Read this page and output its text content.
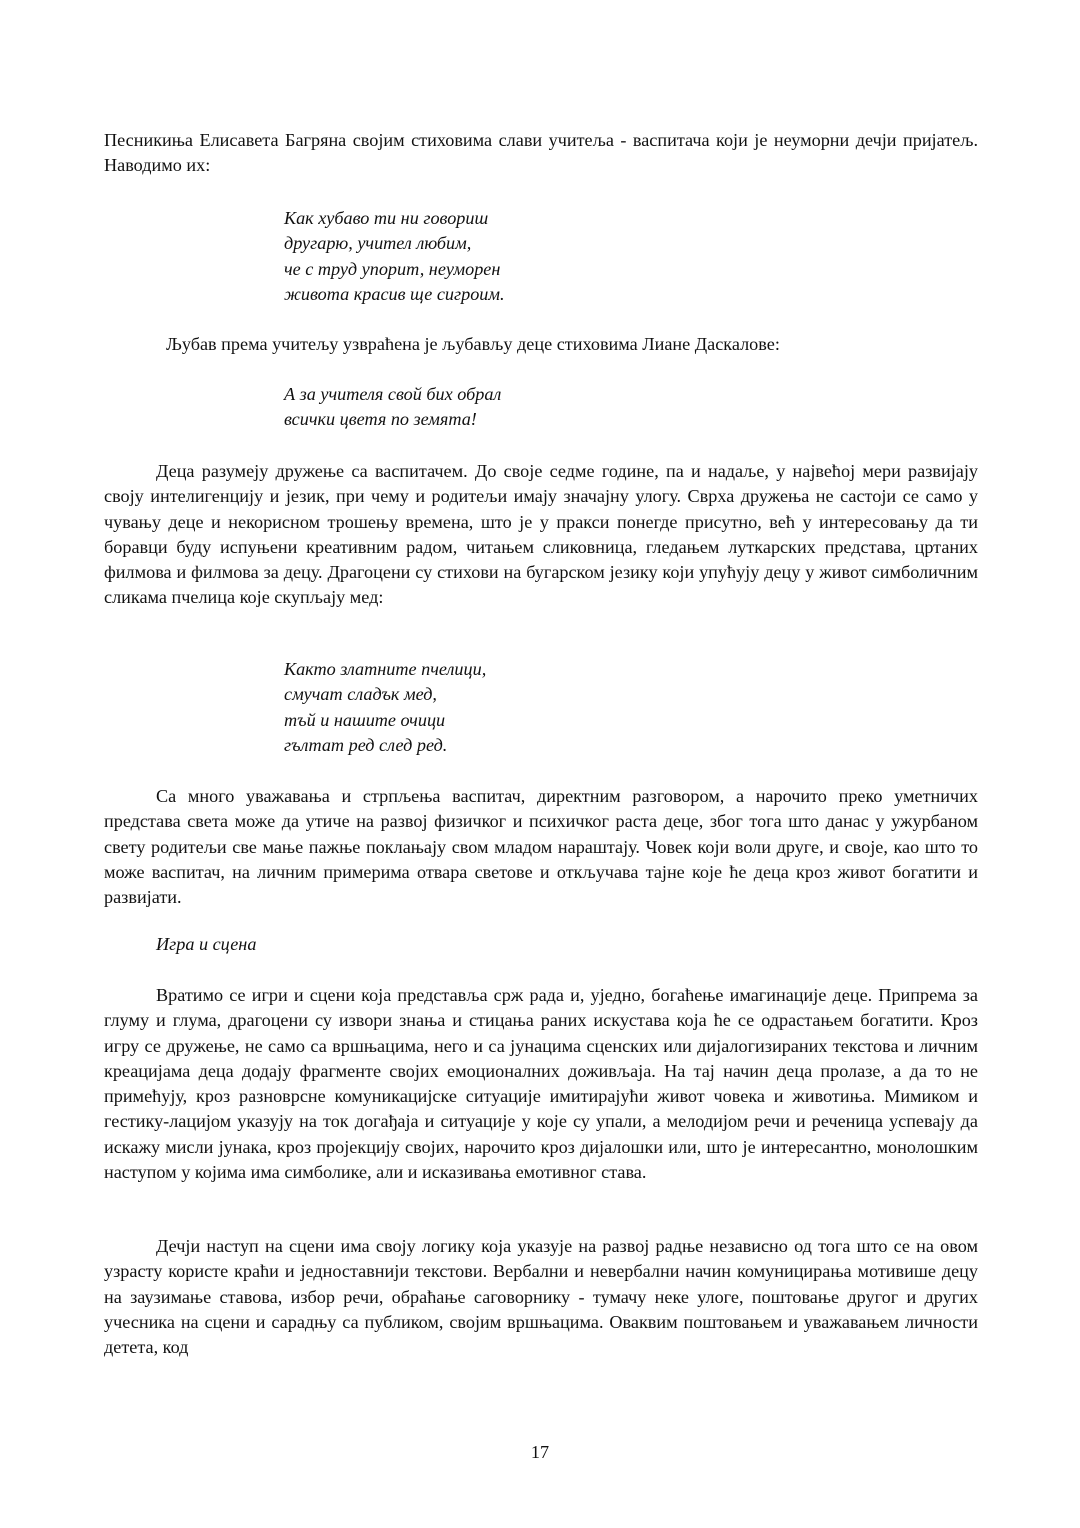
Песникиња Елисавета Багряна својим стиховима слави учитеља - васпитача који је неуморни дечји пријатељ. Наводимо их:

Как хубаво ти ни говориш
другарю, учител любим,
че с труд упорит, неуморен
живота красив ще сигроим.

Љубав према учитељу узвраћена је љубављу деце стиховима Лиане Даскалове:

А за учителя свой бих обрал
всички цветя по земята!

Деца разумеју дружење са васпитачем. До своје седме године, па и надаље, у највећој мери развијају своју интелигенцију и језик, при чему и родитељи имају значајну улогу. Сврха дружења не састоји се само у чувању деце и некорисном трошењу времена, што је у пракси понегде присутно, већ у интересовању да ти боравци буду испуњени креативним радом, читањем сликовница, гледањем луткарских представа, цртаних филмова и филмова за децу. Драгоцени су стихови на бугарском језику који упућују децу у живот симболичним сликама пчелица које скупљају мед:

Както златните пчелици,
смучат сладък мед,
тъй и нашите очици
гълтат ред след ред.

Са много уважавања и стрпљења васпитач, директним разговором, а нарочито преко уметничих представа света може да утиче на развој физичког и психичког раста деце, због тога што данас у ужурбаном свету родитељи све мање пажње поклањају свом младом нараштају. Човек који воли друге, и своје, као што то може васпитач, на личним примерима отвара световe и откључава тајне које ће деца кроз живот богатити и развијати.

Игра и сцена

Вратимо се игри и сцени која представља срж рада и, уједно, богаћење имагинације деце. Припрема за глуму и глума, драгоцени су извори знања и стицања раних искустава која ће се одрастањем богатити. Кроз игру се дружење, не само са вршњацима, него и са јунацима сценских или дијалогизираних текстова и личним креацијама деца додају фрагменте својих емоционалних доживљаја. На тај начин деца пролазе, а да то не примећују, кроз разноврсне комуникацијске ситуације имитирајући живот човека и животиња. Мимиком и гестику-лацијом указују на ток догађаја и ситуације у које су упали, а мелодијом речи и реченица успевају да искажу мисли јунака, кроз пројекцију својих, нарочито кроз дијалошки или, што је интересантно, монолошким наступом у којима има симболике, али и исказивања емотивног става.

Дечји наступ на сцени има своју логику која указује на развој радње независно од тога што се на овом узрасту користе краћи и једноставнији текстови. Вербални и невербални начин комуницирања мотивише децу на заузимање ставова, избор речи, обраћање саговорнику - тумачу неке улоге, поштовање другог и других учесника на сцени и сарадњу са публиком, својим вршњацима. Оваквим поштовањем и уважавањем личности детета, код

17
